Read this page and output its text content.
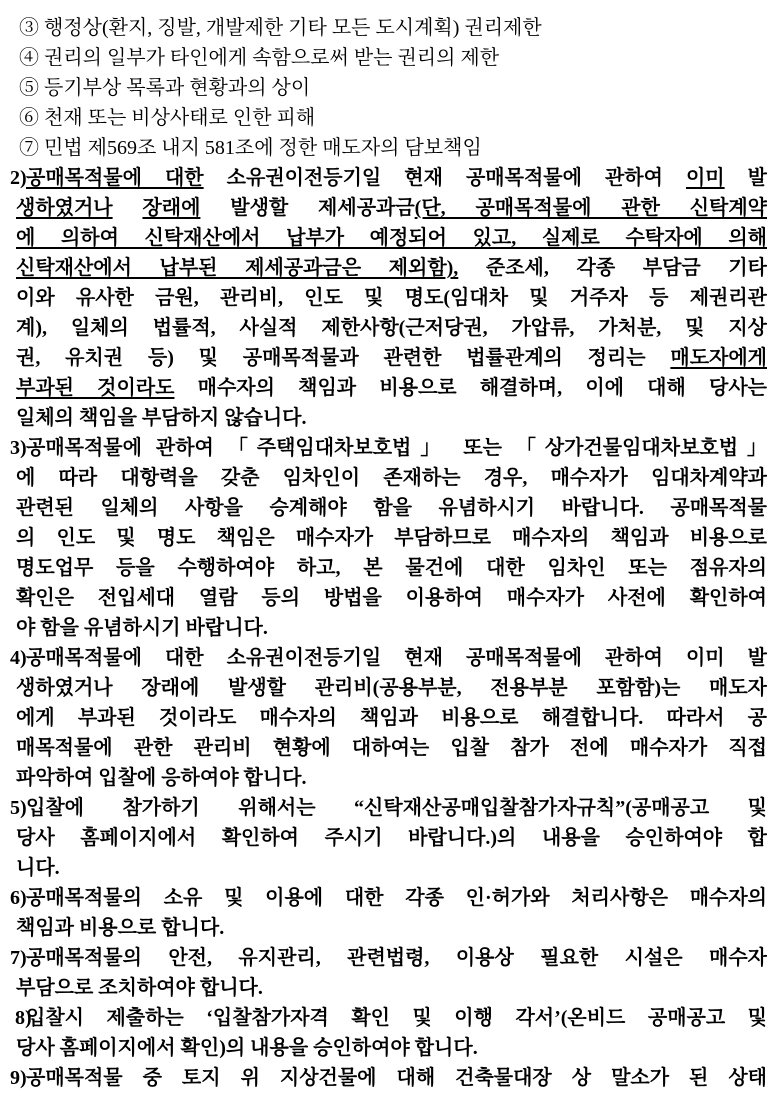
③ 행정상(환지, 징발, 개발제한 기타 모든 도시계획) 권리제한
④ 권리의 일부가 타인에게 속함으로써 받는 권리의 제한
⑤ 등기부상 목록과 현황과의 상이
⑥ 천재 또는 비상사태로 인한 피해
⑦ 민법 제569조 내지 581조에 정한 매도자의 담보책임
2) 공매목적물에 대한 소유권이전등기일 현재 공매목적물에 관하여 이미 발
생하였거나 장래에 발생할 제세공과금(단, 공매목적물에 관한 신탁계약
에 의하여 신탁재산에서 납부가 예정되어 있고, 실제로 수탁자에 의해
신탁재산에서 납부된 제세공과금은 제외함), 준조세, 각종 부담금 기타
이와 유사한 금원, 관리비, 인도 및 명도(임대차 및 거주자 등 제권리관
계), 일체의 법률적, 사실적 제한사항(근저당권, 가압류, 가처분, 및 지상
권, 유치권 등) 및 공매목적물과 관련한 법률관계의 정리는 매도자에게
부과된 것이라도 매수자의 책임과 비용으로 해결하며, 이에 대해 당사는
일체의 책임을 부담하지 않습니다.
3) 공매목적물에 관하여 「주택임대차보호법」 또는 「상가건물임대차보호법」
에 따라 대항력을 갖춘 임차인이 존재하는 경우, 매수자가 임대차계약과
관련된 일체의 사항을 승계해야 함을 유념하시기 바랍니다. 공매목적물
의 인도 및 명도 책임은 매수자가 부담하므로 매수자의 책임과 비용으로
명도업무 등을 수행하여야 하고, 본 물건에 대한 임차인 또는 점유자의
확인은 전입세대 열람 등의 방법을 이용하여 매수자가 사전에 확인하여
야 함을 유념하시기 바랍니다.
4) 공매목적물에 대한 소유권이전등기일 현재 공매목적물에 관하여 이미 발
생하였거나 장래에 발생할 관리비(공용부분, 전용부분 포함함)는 매도자
에게 부과된 것이라도 매수자의 책임과 비용으로 해결합니다. 따라서 공
매목적물에 관한 관리비 현황에 대하여는 입찰 참가 전에 매수자가 직접
파악하여 입찰에 응하여야 합니다.
5) 입찰에 참가하기 위해서는 “신탁재산공매입찰참가자규칙”(공매공고 및
당사 홈페이지에서 확인하여 주시기 바랍니다.)의 내용을 승인하여야 합
니다.
6) 공매목적물의 소유 및 이용에 대한 각종 인·허가와 처리사항은 매수자의
책임과 비용으로 합니다.
7) 공매목적물의 안전, 유지관리, 관련법령, 이용상 필요한 시설은 매수자
부담으로 조치하여야 합니다.
8)
입찰시 제출하는 ‘입찰참가자격 확인 및 이행 각서’(온비드 공매공고 및
당사 홈페이지에서 확인)의 내용을 승인하여야 합니다.
9) 공매목적물 중 토지 위 지상건물에 대해 건축물대장 상 말소가 된 상태
